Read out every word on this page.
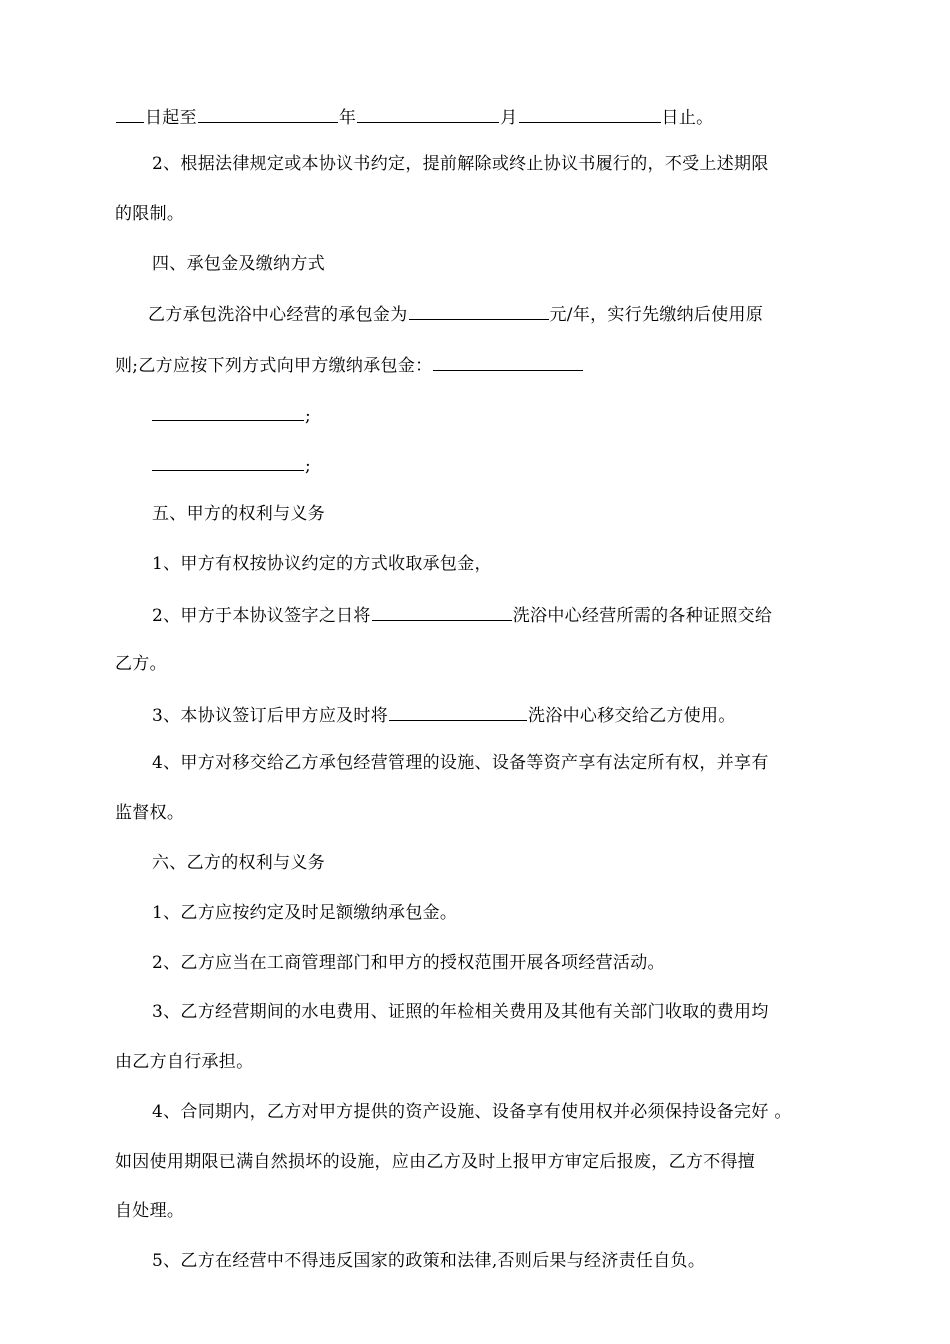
日起至	年	月	日止。
2、根据法律规定或本协议书约定，提前解除或终止协议书履行的，不受上述期限
的限制。
四、承包金及缴纳方式
乙方承包洗浴中心经营的承包金为	元/年，实行先缴纳后使用原
则;乙方应按下列方式向甲方缴纳承包金：
;
;
五、甲方的权利与义务
1、甲方有权按协议约定的方式收取承包金，
2、甲方于本协议签字之日将	洗浴中心经营所需的各种证照交给
乙方。
3、本协议签订后甲方应及时将	洗浴中心移交给乙方使用。
4、甲方对移交给乙方承包经营管理的设施、设备等资产享有法定所有权，并享有
监督权。
六、乙方的权利与义务
1、乙方应按约定及时足额缴纳承包金。
2、乙方应当在工商管理部门和甲方的授权范围开展各项经营活动。
3、乙方经营期间的水电费用、证照的年检相关费用及其他有关部门收取的费用均
由乙方自行承担。
4、合同期内，乙方对甲方提供的资产设施、设备享有使用权并必须保持设备完好 。
如因使用期限已满自然损坏的设施，应由乙方及时上报甲方审定后报废，乙方不得擅
自处理。
5、乙方在经营中不得违反国家的政策和法律,否则后果与经济责任自负。
